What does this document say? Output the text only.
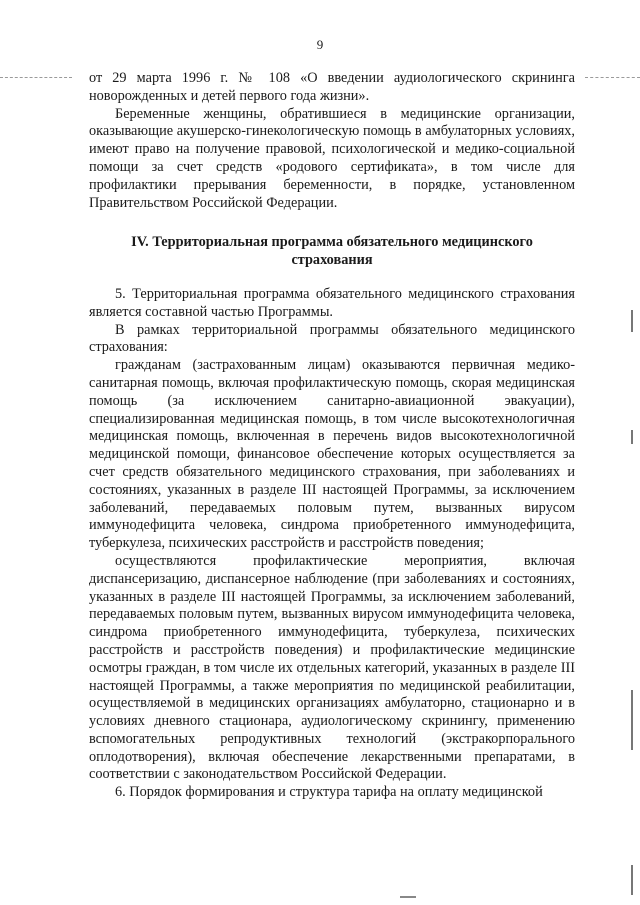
9

от 29 марта 1996 г. № 108 «О введении аудиологического скрининга новорожденных и детей первого года жизни».

Беременные женщины, обратившиеся в медицинские организации, оказывающие акушерско-гинекологическую помощь в амбулаторных условиях, имеют право на получение правовой, психологической и медико-социальной помощи за счет средств «родового сертификата», в том числе для профилактики прерывания беременности, в порядке, установленном Правительством Российской Федерации.

IV. Территориальная программа обязательного медицинского страхования

5. Территориальная программа обязательного медицинского страхования является составной частью Программы.

В рамках территориальной программы обязательного медицинского страхования:

гражданам (застрахованным лицам) оказываются первичная медико-санитарная помощь, включая профилактическую помощь, скорая медицинская помощь (за исключением санитарно-авиационной эвакуации), специализированная медицинская помощь, в том числе высокотехнологичная медицинская помощь, включенная в перечень видов высокотехнологичной медицинской помощи, финансовое обеспечение которых осуществляется за счет средств обязательного медицинского страхования, при заболеваниях и состояниях, указанных в разделе III настоящей Программы, за исключением заболеваний, передаваемых половым путем, вызванных вирусом иммунодефицита человека, синдрома приобретенного иммунодефицита, туберкулеза, психических расстройств и расстройств поведения;

осуществляются профилактические мероприятия, включая диспансеризацию, диспансерное наблюдение (при заболеваниях и состояниях, указанных в разделе III настоящей Программы, за исключением заболеваний, передаваемых половым путем, вызванных вирусом иммунодефицита человека, синдрома приобретенного иммунодефицита, туберкулеза, психических расстройств и расстройств поведения) и профилактические медицинские осмотры граждан, в том числе их отдельных категорий, указанных в разделе III настоящей Программы, а также мероприятия по медицинской реабилитации, осуществляемой в медицинских организациях амбулаторно, стационарно и в условиях дневного стационара, аудиологическому скринингу, применению вспомогательных репродуктивных технологий (экстракорпорального оплодотворения), включая обеспечение лекарственными препаратами, в соответствии с законодательством Российской Федерации.

6. Порядок формирования и структура тарифа на оплату медицинской
